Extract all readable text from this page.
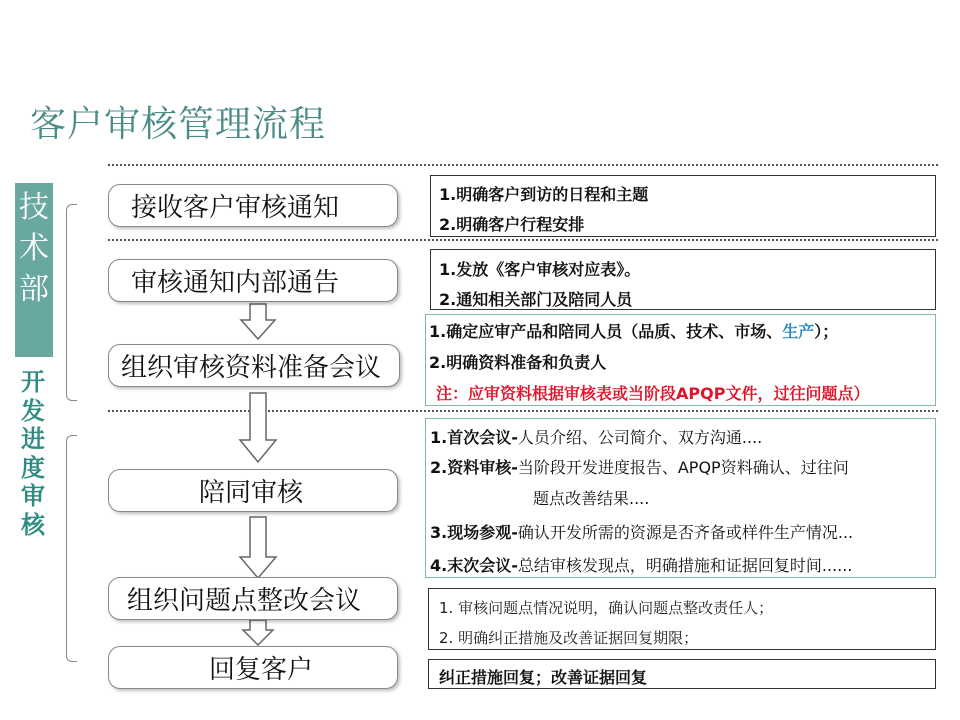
客户审核管理流程
技
术
部
开
发
进
度
审
核
接收客户审核通知
审核通知内部通告
组织审核资料准备会议
陪同审核
组织问题点整改会议
回复客户
1.明确客户到访的日程和主题
2.明确客户行程安排
1.发放《客户审核对应表》。
2.通知相关部门及陪同人员
1.确定应审产品和陪同人员（品质、技术、市场、生产）；
2.明确资料准备和负责人
注：应审资料根据审核表或当阶段APQP文件，过往问题点）
1.首次会议-人员介绍、公司简介、双方沟通....
2.资料审核-当阶段开发进度报告、APQP资料确认、过往问
题点改善结果....
3.现场参观-确认开发所需的资源是否齐备或样件生产情况...
4.末次会议-总结审核发现点，明确措施和证据回复时间......
1. 审核问题点情况说明，确认问题点整改责任人；
2. 明确纠正措施及改善证据回复期限；
纠正措施回复；改善证据回复
